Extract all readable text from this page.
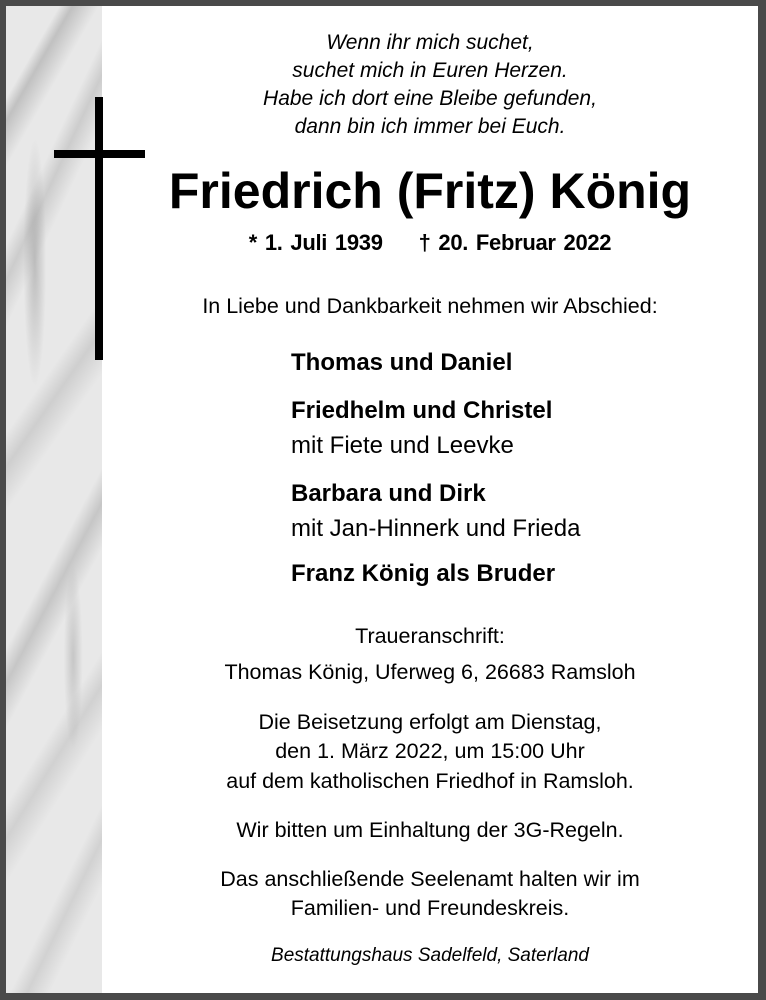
Wenn ihr mich suchet,
suchet mich in Euren Herzen.
Habe ich dort eine Bleibe gefunden,
dann bin ich immer bei Euch.
Friedrich (Fritz) König
* 1. Juli 1939 † 20. Februar 2022
In Liebe und Dankbarkeit nehmen wir Abschied:
Thomas und Daniel
Friedhelm und Christel
mit Fiete und Leevke
Barbara und Dirk
mit Jan-Hinnerk und Frieda
Franz König als Bruder
Traueranschrift:
Thomas König, Uferweg 6, 26683 Ramsloh
Die Beisetzung erfolgt am Dienstag,
den 1. März 2022, um 15:00 Uhr
auf dem katholischen Friedhof in Ramsloh.
Wir bitten um Einhaltung der 3G-Regeln.
Das anschließende Seelenamt halten wir im
Familien- und Freundeskreis.
Bestattungshaus Sadelfeld, Saterland
